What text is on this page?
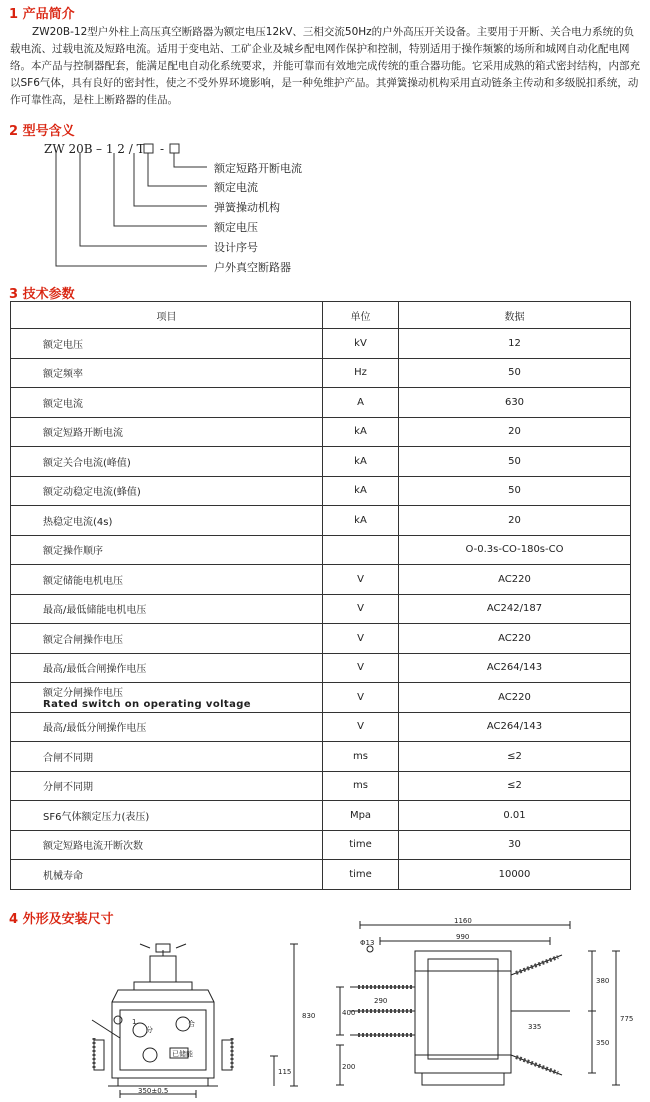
1 产品简介
ZW20B-12型户外柱上高压真空断路器为额定电压12kV、三相交流50Hz的户外高压开关设备。主要用于开断、关合电力系统的负载电流、过载电流及短路电流。适用于变电站、工矿企业及城乡配电网作保护和控制，特别适用于操作频繁的场所和城网自动化配电网络。本产品与控制器配套，能满足配电自动化系统要求，并能可靠而有效地完成传统的重合器功能。它采用成熟的箱式密封结构，内部充以SF6气体，具有良好的密封性，使之不受外界环境影响，是一种免维护产品。其弹簧操动机构采用直动链条主传动和多级脱扣系统，动作可靠性高，是柱上断路器的佳品。
2 型号含义
ZW 20B – 1 2 / T -
额定短路开断电流
额定电流
弹簧操动机构
额定电压
设计序号
户外真空断路器
3 技术参数
项目	单位	数据
额定电压	kV	12
额定频率	Hz	50
额定电流	A	630
额定短路开断电流	kA	20
额定关合电流(峰值)	kA	50
额定动稳定电流(蜂值)	kA	50
热稳定电流(4s)	kA	20
额定操作顺序		O-0.3s-CO-180s-CO
额定储能电机电压	V	AC220
最高/最低储能电机电压	V	AC242/187
额定合闸操作电压	V	AC220
最高/最低合闸操作电压	V	AC264/143
额定分闸操作电压
Rated switch on operating voltage	V	AC220
最高/最低分闸操作电压	V	AC264/143
合闸不同期	ms	≤2
分闸不同期	ms	≤2
SF6气体额定压力(表压)	Mpa	0.01
额定短路电流开断次数	time	30
机械寿命	time	10000
4 外形及安装尺寸
830
115
350±0.5
分
合
已储能
1
1160
990
380
350
775
400
200
Φ13
290
335
